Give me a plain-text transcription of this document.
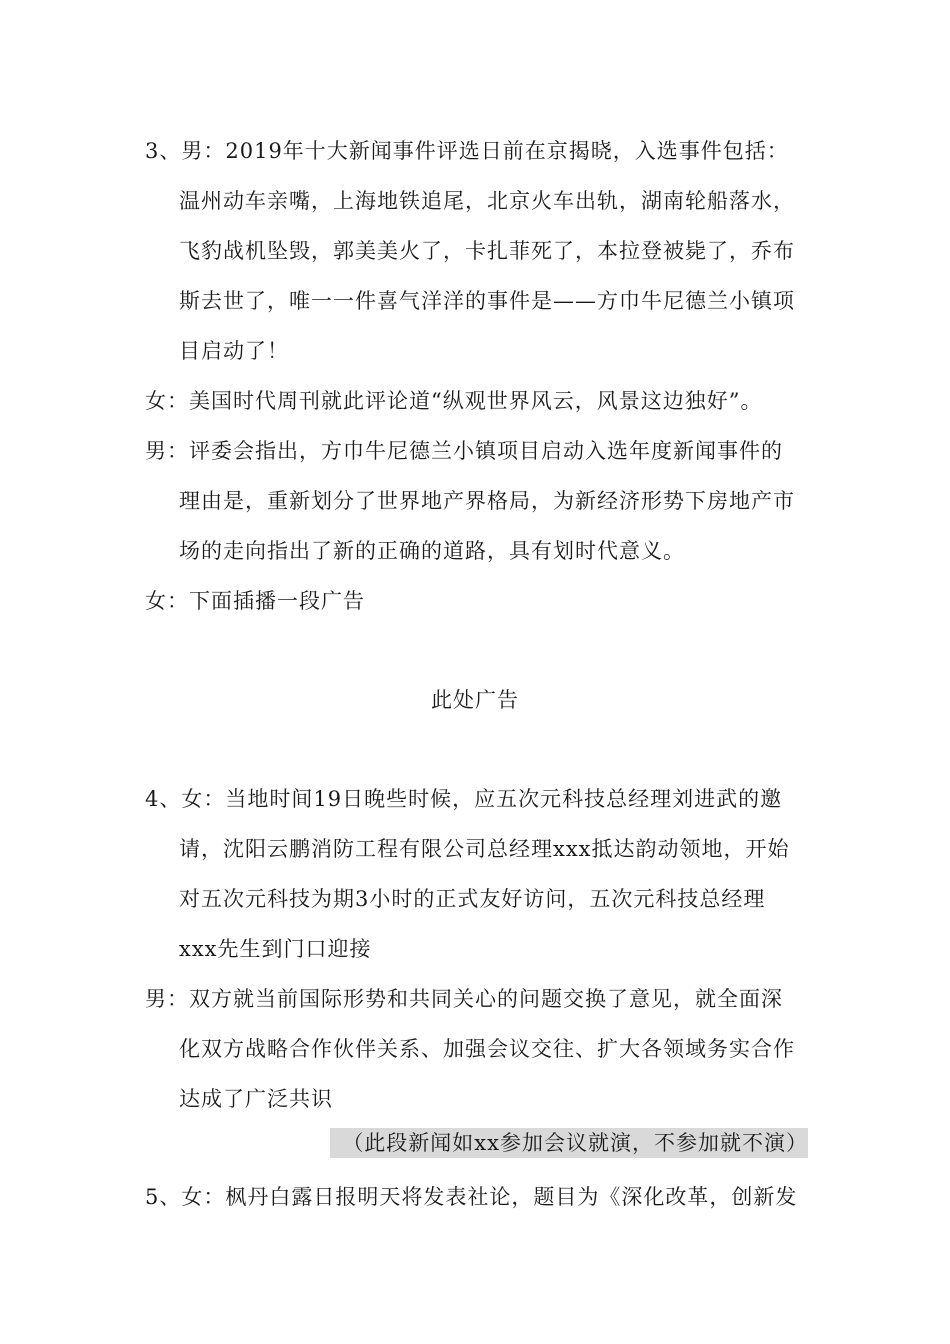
3、男：2019年十大新闻事件评选日前在京揭晓，入选事件包括：
温州动车亲嘴，上海地铁追尾，北京火车出轨，湖南轮船落水，
飞豹战机坠毁，郭美美火了，卡扎菲死了，本拉登被毙了，乔布
斯去世了，唯一一件喜气洋洋的事件是——方巾牛尼德兰小镇项
目启动了！
女：美国时代周刊就此评论道“纵观世界风云，风景这边独好”。
男：评委会指出，方巾牛尼德兰小镇项目启动入选年度新闻事件的
理由是，重新划分了世界地产界格局，为新经济形势下房地产市
场的走向指出了新的正确的道路，具有划时代意义。
女：下面插播一段广告
此处广告
4、女：当地时间19日晚些时候，应五次元科技总经理刘进武的邀
请，沈阳云鹏消防工程有限公司总经理xxx抵达韵动领地，开始
对五次元科技为期3小时的正式友好访问，五次元科技总经理
xxx先生到门口迎接
男：双方就当前国际形势和共同关心的问题交换了意见，就全面深
化双方战略合作伙伴关系、加强会议交往、扩大各领域务实合作
达成了广泛共识
（此段新闻如xx参加会议就演，不参加就不演）
5、女：枫丹白露日报明天将发表社论，题目为《深化改革，创新发
